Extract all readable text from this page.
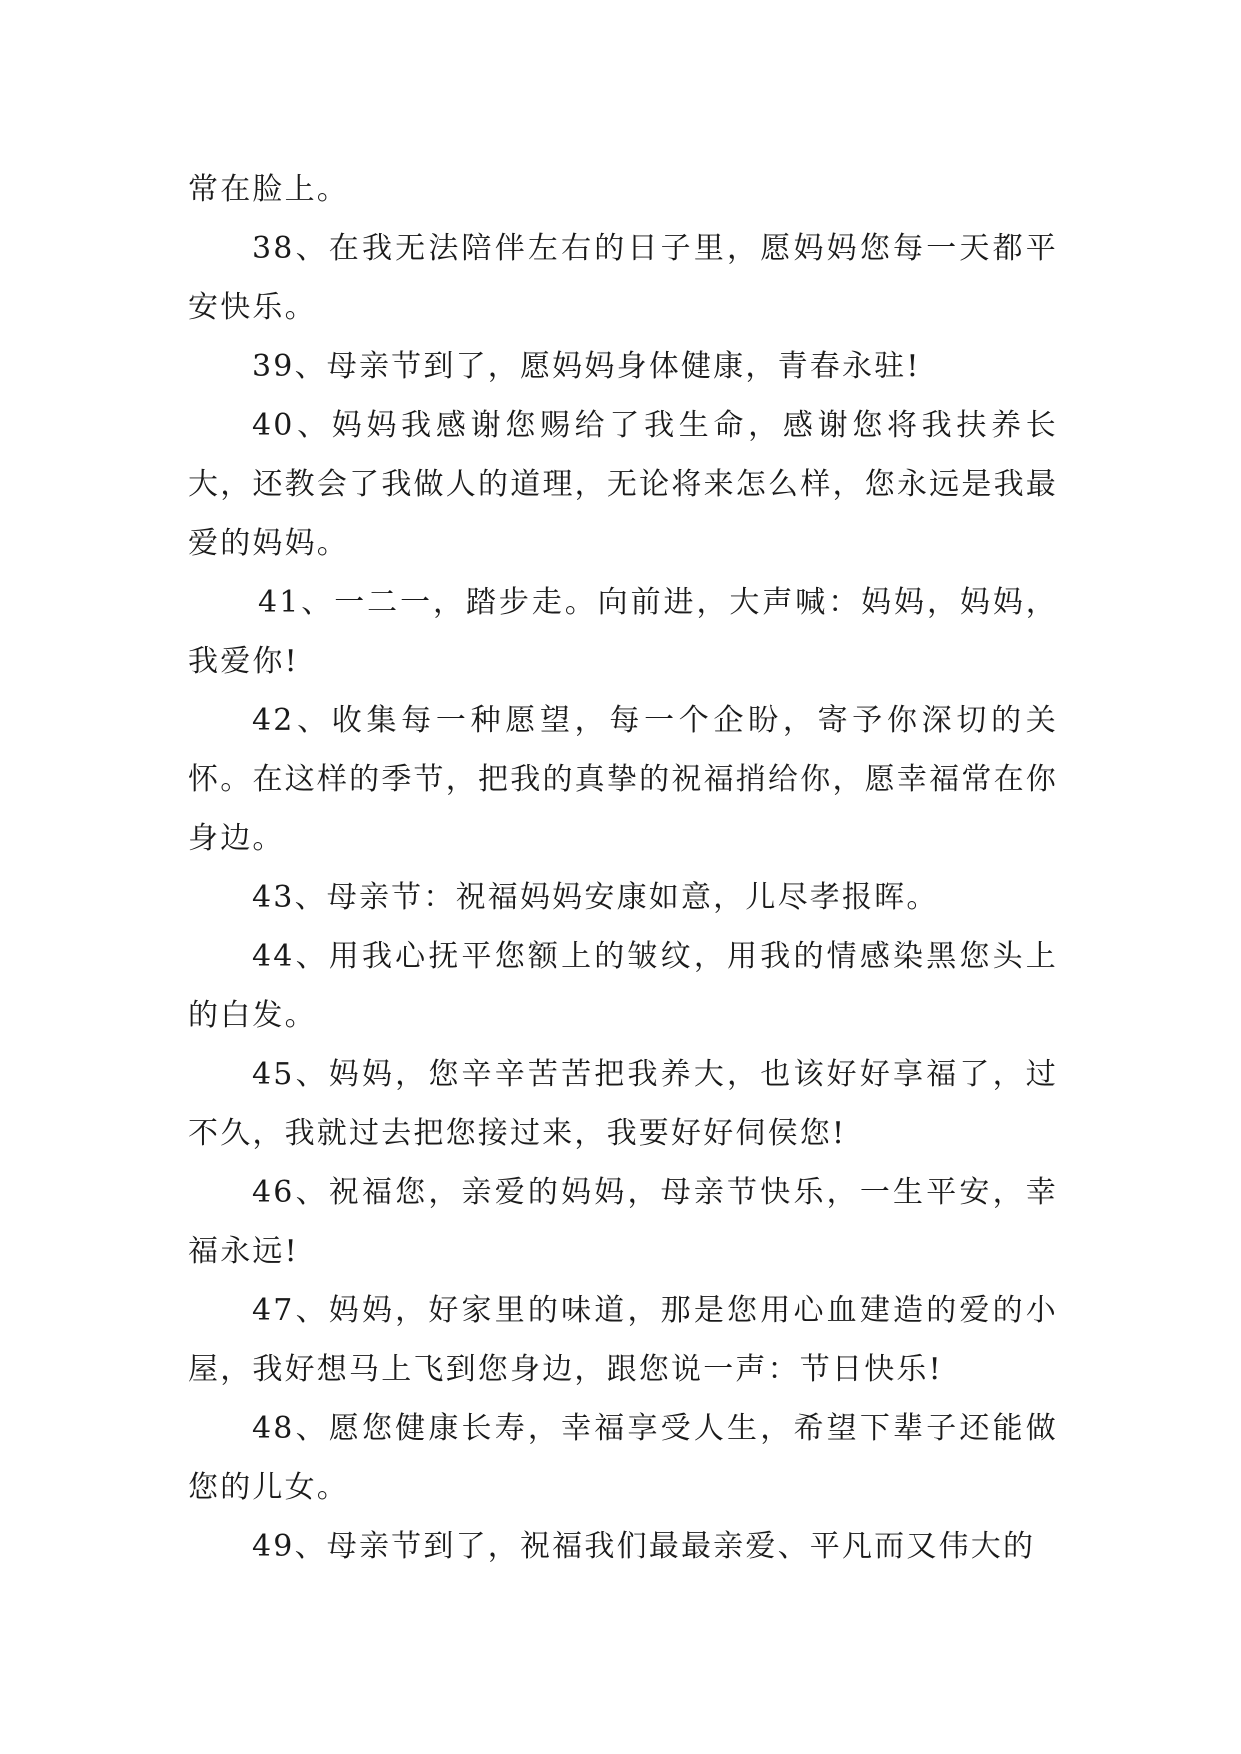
常在脸上。

38、在我无法陪伴左右的日子里，愿妈妈您每一天都平安快乐。

39、母亲节到了，愿妈妈身体健康，青春永驻!

40、妈妈我感谢您赐给了我生命，感谢您将我扶养长大，还教会了我做人的道理，无论将来怎么样，您永远是我最爱的妈妈。

41、一二一，踏步走。向前进，大声喊：妈妈，妈妈，我爱你!

42、收集每一种愿望，每一个企盼，寄予你深切的关怀。在这样的季节，把我的真挚的祝福捎给你，愿幸福常在你身边。

43、母亲节：祝福妈妈安康如意，儿尽孝报晖。

44、用我心抚平您额上的皱纹，用我的情感染黑您头上的白发。

45、妈妈，您辛辛苦苦把我养大，也该好好享福了，过不久，我就过去把您接过来，我要好好伺侯您!

46、祝福您，亲爱的妈妈，母亲节快乐，一生平安，幸福永远!

47、妈妈，好家里的味道，那是您用心血建造的爱的小屋，我好想马上飞到您身边，跟您说一声：节日快乐!

48、愿您健康长寿，幸福享受人生，希望下辈子还能做您的儿女。

49、母亲节到了，祝福我们最最亲爱、平凡而又伟大的
